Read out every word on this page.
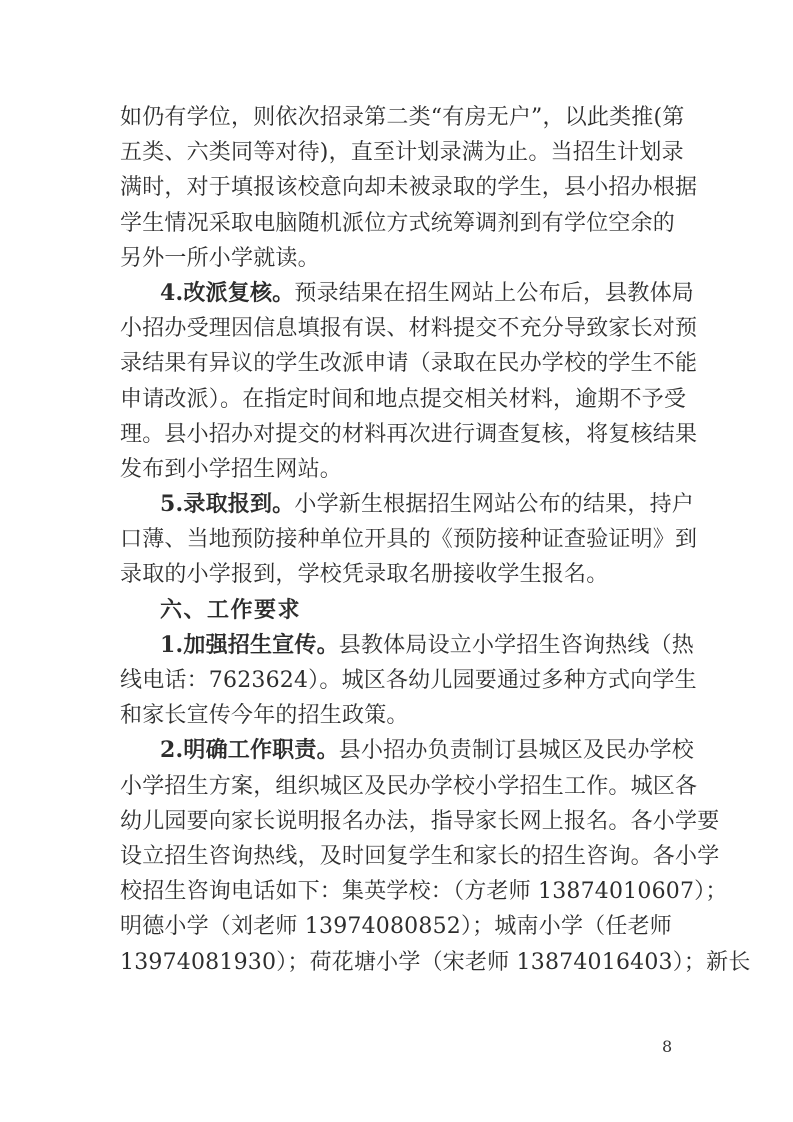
如仍有学位，则依次招录第二类“有房无户”，以此类推(第
五类、六类同等对待)，直至计划录满为止。当招生计划录
满时，对于填报该校意向却未被录取的学生，县小招办根据
学生情况采取电脑随机派位方式统筹调剂到有学位空余的
另外一所小学就读。
4.改派复核。预录结果在招生网站上公布后，县教体局
小招办受理因信息填报有误、材料提交不充分导致家长对预
录结果有异议的学生改派申请（录取在民办学校的学生不能
申请改派）。在指定时间和地点提交相关材料，逾期不予受
理。县小招办对提交的材料再次进行调查复核，将复核结果
发布到小学招生网站。
5.录取报到。小学新生根据招生网站公布的结果，持户
口薄、当地预防接种单位开具的《预防接种证查验证明》到
录取的小学报到，学校凭录取名册接收学生报名。
六、工作要求
1.加强招生宣传。县教体局设立小学招生咨询热线（热
线电话：7623624）。城区各幼儿园要通过多种方式向学生
和家长宣传今年的招生政策。
2.明确工作职责。县小招办负责制订县城区及民办学校
小学招生方案，组织城区及民办学校小学招生工作。城区各
幼儿园要向家长说明报名办法，指导家长网上报名。各小学要
设立招生咨询热线，及时回复学生和家长的招生咨询。各小学
校招生咨询电话如下：集英学校：（方老师 13874010607）；
明德小学（刘老师 13974080852）；城南小学（任老师
13974081930）；荷花塘小学（宋老师 13874016403）；新长
8
